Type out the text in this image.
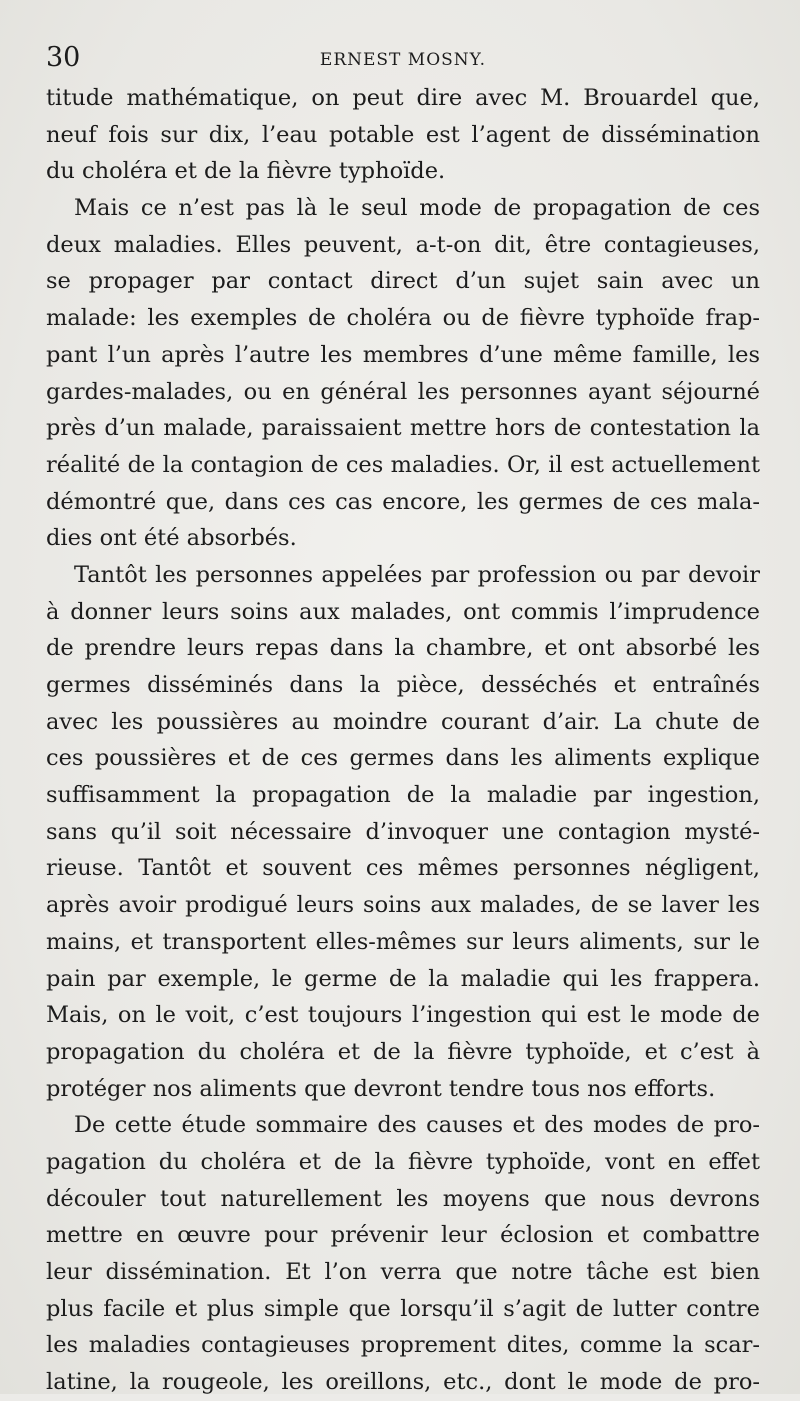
30	ERNEST MOSNY.
titude mathématique, on peut dire avec M. Brouardel que,
neuf fois sur dix, l’eau potable est l’agent de dissémination
du choléra et de la fièvre typhoïde.
Mais ce n’est pas là le seul mode de propagation de ces
deux maladies. Elles peuvent, a-t-on dit, être contagieuses,
se propager par contact direct d’un sujet sain avec un
malade: les exemples de choléra ou de fièvre typhoïde frap-
pant l’un après l’autre les membres d’une même famille, les
gardes-malades, ou en général les personnes ayant séjourné
près d’un malade, paraissaient mettre hors de contestation la
réalité de la contagion de ces maladies. Or, il est actuellement
démontré que, dans ces cas encore, les germes de ces mala-
dies ont été absorbés.
Tantôt les personnes appelées par profession ou par devoir
à donner leurs soins aux malades, ont commis l’imprudence
de prendre leurs repas dans la chambre, et ont absorbé les
germes disséminés dans la pièce, desséchés et entraînés
avec les poussières au moindre courant d’air. La chute de
ces poussières et de ces germes dans les aliments explique
suffisamment la propagation de la maladie par ingestion,
sans qu’il soit nécessaire d’invoquer une contagion mysté-
rieuse. Tantôt et souvent ces mêmes personnes négligent,
après avoir prodigué leurs soins aux malades, de se laver les
mains, et transportent elles-mêmes sur leurs aliments, sur le
pain par exemple, le germe de la maladie qui les frappera.
Mais, on le voit, c’est toujours l’ingestion qui est le mode de
propagation du choléra et de la fièvre typhoïde, et c’est à
protéger nos aliments que devront tendre tous nos efforts.
De cette étude sommaire des causes et des modes de pro-
pagation du choléra et de la fièvre typhoïde, vont en effet
découler tout naturellement les moyens que nous devrons
mettre en œuvre pour prévenir leur éclosion et combattre
leur dissémination. Et l’on verra que notre tâche est bien
plus facile et plus simple que lorsqu’il s’agit de lutter contre
les maladies contagieuses proprement dites, comme la scar-
latine, la rougeole, les oreillons, etc., dont le mode de pro-
